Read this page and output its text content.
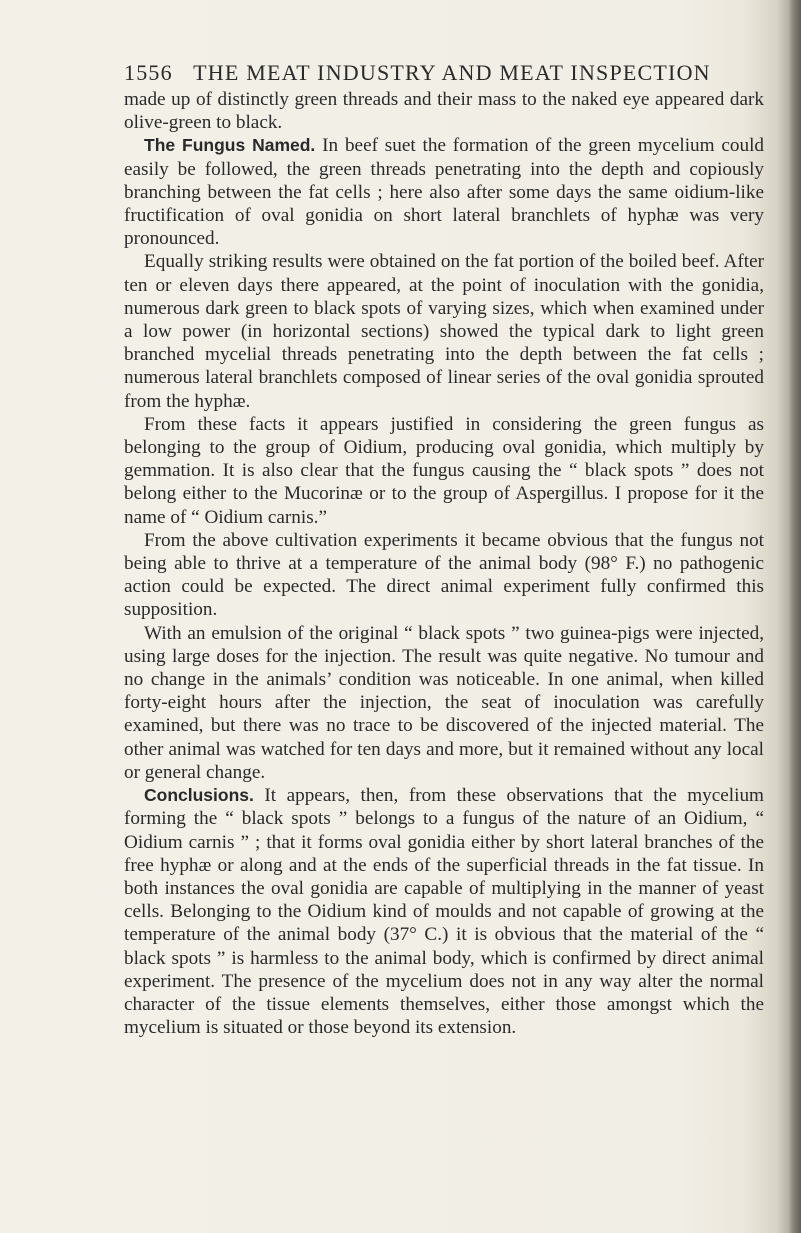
1556 THE MEAT INDUSTRY AND MEAT INSPECTION

made up of distinctly green threads and their mass to the naked eye appeared dark olive-green to black.

The Fungus Named. In beef suet the formation of the green mycelium could easily be followed, the green threads penetrating into the depth and copiously branching between the fat cells ; here also after some days the same oidium-like fructification of oval gonidia on short lateral branchlets of hyphæ was very pronounced.

Equally striking results were obtained on the fat portion of the boiled beef. After ten or eleven days there appeared, at the point of inoculation with the gonidia, numerous dark green to black spots of varying sizes, which when examined under a low power (in horizontal sections) showed the typical dark to light green branched mycelial threads penetrating into the depth between the fat cells ; numerous lateral branchlets composed of linear series of the oval gonidia sprouted from the hyphæ.

From these facts it appears justified in considering the green fungus as belonging to the group of Oidium, producing oval gonidia, which multiply by gemmation. It is also clear that the fungus causing the “ black spots ” does not belong either to the Mucorinæ or to the group of Aspergillus. I propose for it the name of “ Oidium carnis.”

From the above cultivation experiments it became obvious that the fungus not being able to thrive at a temperature of the animal body (98° F.) no pathogenic action could be expected. The direct animal experiment fully confirmed this supposition.

With an emulsion of the original “ black spots ” two guinea-pigs were injected, using large doses for the injection. The result was quite negative. No tumour and no change in the animals’ condition was noticeable. In one animal, when killed forty-eight hours after the injection, the seat of inoculation was carefully examined, but there was no trace to be discovered of the injected material. The other animal was watched for ten days and more, but it remained without any local or general change.

Conclusions. It appears, then, from these observations that the mycelium forming the “ black spots ” belongs to a fungus of the nature of an Oidium, “ Oidium carnis ” ; that it forms oval gonidia either by short lateral branches of the free hyphæ or along and at the ends of the superficial threads in the fat tissue. In both instances the oval gonidia are capable of multiplying in the manner of yeast cells. Belonging to the Oidium kind of moulds and not capable of growing at the temperature of the animal body (37° C.) it is obvious that the material of the “ black spots ” is harmless to the animal body, which is confirmed by direct animal experiment. The presence of the mycelium does not in any way alter the normal character of the tissue elements themselves, either those amongst which the mycelium is situated or those beyond its extension.
